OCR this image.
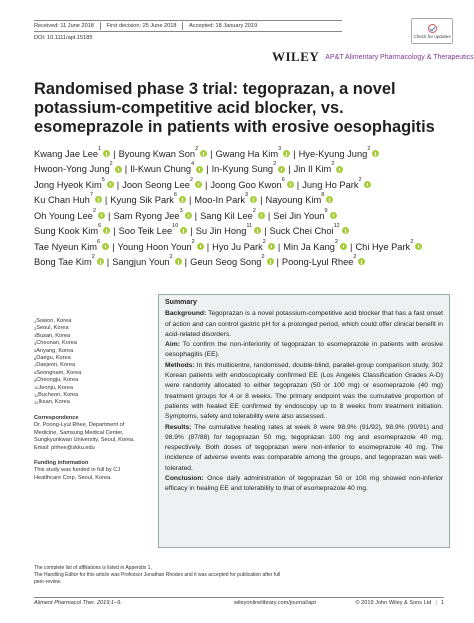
Received: 11 June 2018	First decision: 25 June 2018	Accepted: 18 January 2019
DOI: 10.1111/apt.15185	Check for updates
WILEY AP&T Alimentary Pharmacology & Therapeutics
Randomised phase 3 trial: tegoprazan, a novel potassium-competitive acid blocker, vs. esomeprazole in patients with erosive oesophagitis
Kwang Jae Lee$^1$ | Byoung Kwan Son$^2$ | Gwang Ha Kim$^3$ | Hye-Kyung Jung$^2$
Hwoon-Yong Jung$^2$ | Il-Kwun Chung$^4$ | In-Kyung Sung$^2$ | Jin Il Kim$^2$
Jong Hyeok Kim$^5$ | Joon Seong Lee$^2$ | Joong Goo Kwon$^6$ | Jung Ho Park$^2$
Ku Chan Huh$^7$ | Kyung Sik Park$^6$ | Moo-In Park$^3$ | Nayoung Kim$^8$
Oh Young Lee$^2$ | Sam Ryong Jee$^3$ | Sang Kil Lee$^2$ | Sei Jin Youn$^9$
Sung Kook Kim$^6$ | Soo Teik Lee$^{10}$ | Su Jin Hong$^{11}$ | Suck Chei Choi$^{12}$
Tae Nyeun Kim$^6$ | Young Hoon Youn$^2$ | Hyo Ju Park$^2$ | Min Ja Kang$^2$ | Chi Hye Park$^2$
Bong Tae Kim$^2$ | Sangjun Youn$^2$ | Geun Seog Song$^2$ | Poong-Lyul Rhee$^2$
$^1$Suwon, Korea
$^2$Seoul, Korea
$^3$Busan, Korea
$^4$Cheonan, Korea
$^5$Anyang, Korea
$^6$Daegu, Korea
$^7$Daejeon, Korea
$^8$Seongnam, Korea
$^9$Cheongju, Korea
$^{10}$Jeonju, Korea
$^{11}$Bucheon, Korea
$^{12}$Iksan, Korea
Correspondence
Dr. Poong-Lyul Rhee, Department of Medicine, Samsung Medical Center, Sungkyunkwan University, Seoul, Korea.
Email: plrhee@skku.edu
Funding information
This study was funded in full by CJ Healthcare Corp, Seoul, Korea.
Summary

Background: Tegoprazan is a novel potassium-competitive acid blocker that has a fast onset of action and can control gastric pH for a prolonged period, which could offer clinical benefit in acid-related disorders.

Aim: To confirm the non-inferiority of tegoprazan to esomeprazole in patients with erosive oesophagitis (EE).

Methods: In this multicentre, randomised, double-blind, parallel-group comparison study, 302 Korean patients with endoscopically confirmed EE (Los Angeles Classification Grades A-D) were randomly allocated to either tegoprazan (50 or 100 mg) or esomeprazole (40 mg) treatment groups for 4 or 8 weeks. The primary endpoint was the cumulative proportion of patients with healed EE confirmed by endoscopy up to 8 weeks from treatment initiation. Symptoms, safety and tolerability were also assessed.

Results: The cumulative healing rates at week 8 were 98.9% (91/92), 98.9% (90/91) and 98.9% (87/88) for tegoprazan 50 mg, tegoprazan 100 mg and esomeprazole 40 mg, respectively. Both doses of tegoprazan were non-inferior to esomeprazole 40 mg. The incidence of adverse events was comparable among the groups, and tegoprazan was well-tolerated.

Conclusion: Once daily administration of tegoprazan 50 or 100 mg showed non-inferior efficacy in healing EE and tolerability to that of esomeprazole 40 mg.

The complete list of affiliations is listed in Appendix 1.
The Handling Editor for this article was Professor Jonathan Rhodes and it was accepted for publication after full peer-review.
Aliment Pharmacol Ther. 2019;1–9.	wileyonlinelibrary.com/journal/apt	© 2019 John Wiley & Sons Ltd | 1
